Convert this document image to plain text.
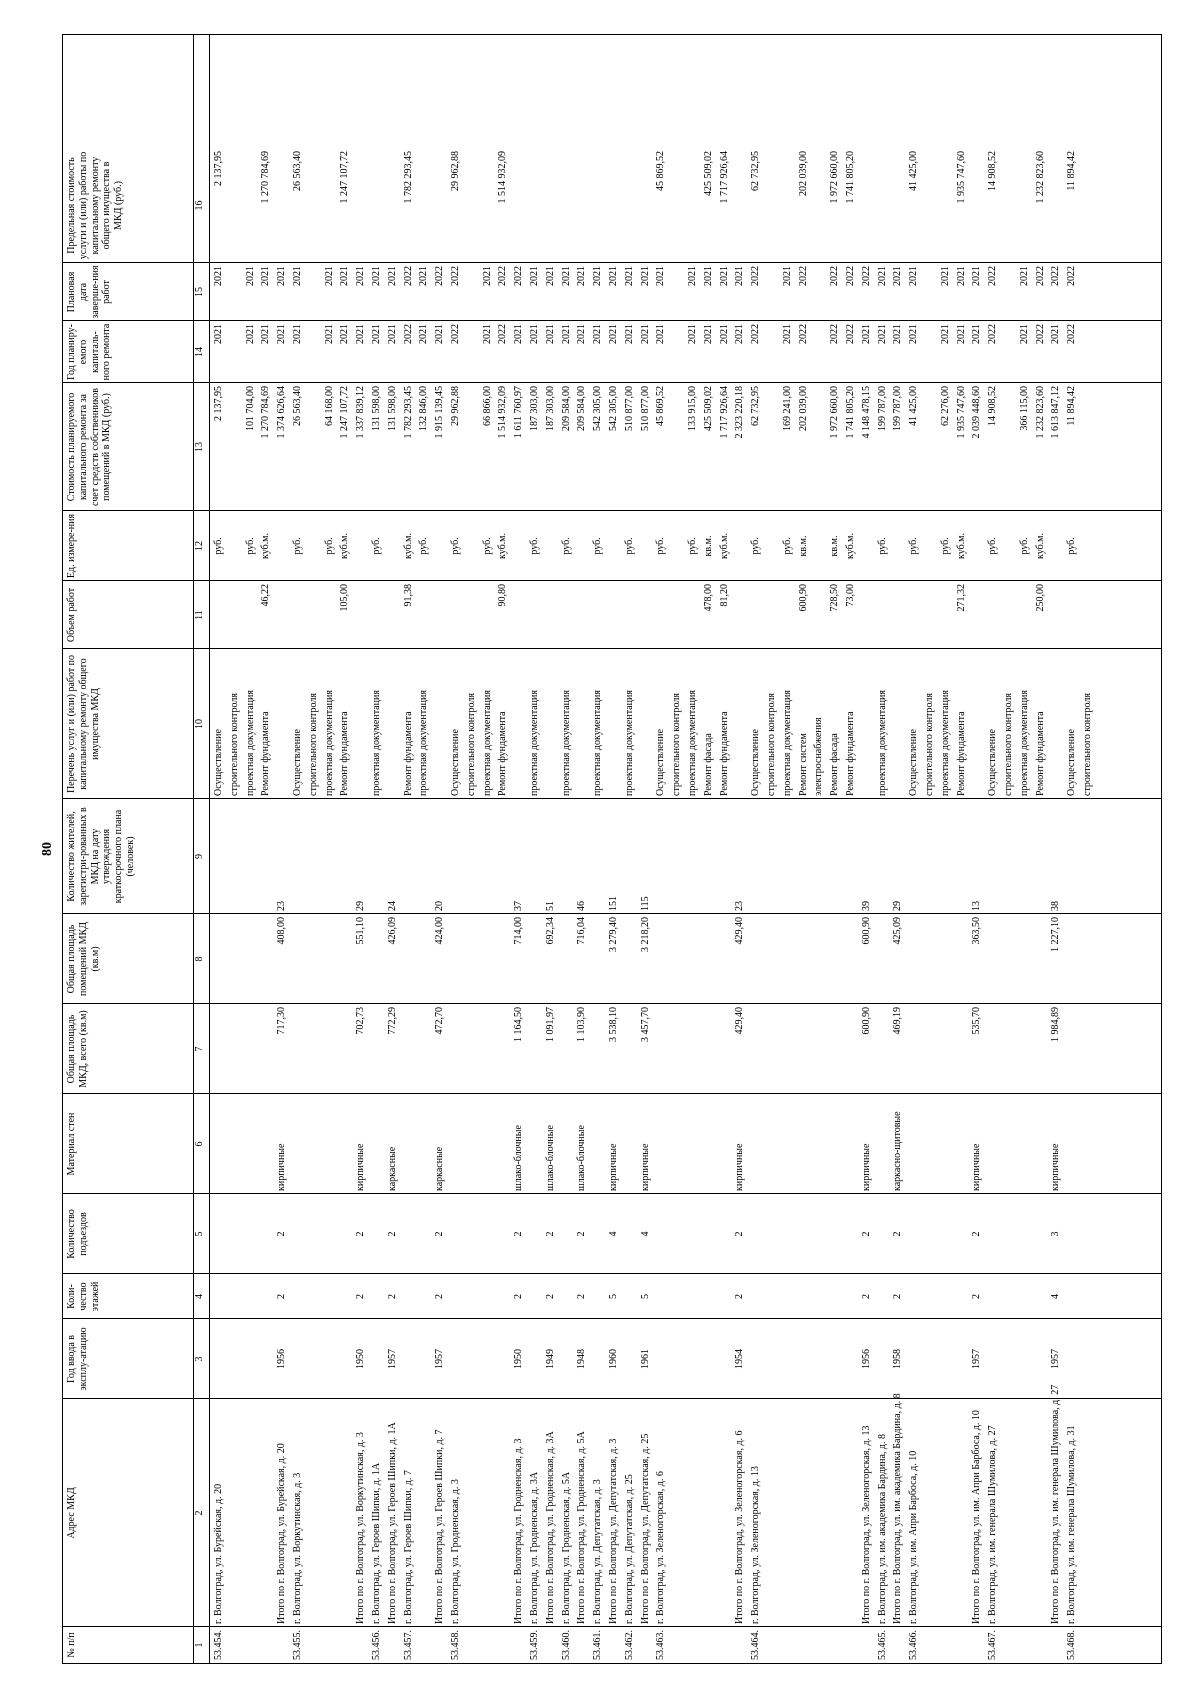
80
№ п/п
Адрес МКД
Год ввода в эксплу-атацию
Коли-чество этажей
Количество подъездов
Материал стен
Общая площадь МКД, всего (кв.м)
Общая площадь помещений МКД (кв.м)
Количество жителей, зарегистри-рованных в МКД на дату утверждения краткосрочного плана (человек)
Перечень услуг и (или) работ по капитальному ремонту общего имущества МКД
Объем работ
Ед. измере-ния
Стоимость планируемого капитального ремонта за счет средств собственников помещений в МКД (руб.)
Год планиру-емого капиталь-ного ремонта
Плановая дата заверше-ния работ
Предельная стоимость услуги и (или) работы по капитальному ремонту общего имущества в МКД (руб.)
1
2
3
4
5
6
7
8
9
10
11
12
13
14
15
16
53.454.
г. Волгоград, ул. Бурейская, д. 20
Осуществление
руб.
2 137,95
2021
2021
2 137,95
строительного контроля проектная документация
руб.
101 704,00
2021
2021
Ремонт фундамента
46,22
куб.м.
1 270 784,69
2021
2021
1 270 784,69
Итого по г. Волгоград, ул. Бурейская, д. 20
1956
2
2
кирпичные
717,30
408,00
23
1 374 626,64
2021
2021
53.455.
г. Волгоград, ул. Воркутинская, д. 3
Осуществление
руб.
26 563,40
2021
2021
26 563,40
строительного контроля проектная документация
руб.
64 168,00
2021
2021
Ремонт фундамента
105,00
куб.м.
1 247 107,72
2021
2021
1 247 107,72
Итого по г. Волгоград, ул. Воркутинская, д. 3
1950
2
2
кирпичные
702,73
551,10
29
1 337 839,12
2021
2021
53.456.
г. Волгоград, ул. Героев Шипки, д. 1А
проектная документация
руб.
131 598,00
2021
2021
Итого по г. Волгоград, ул. Героев Шипки, д. 1А
1957
2
2
каркасные
772,29
426,09
24
131 598,00
2021
2021
53.457.
г. Волгоград, ул. Героев Шипки, д. 7
Ремонт фундамента
91,38
куб.м.
1 782 293,45
2022
2022
1 782 293,45
проектная документация
руб.
132 846,00
2021
2021
Итого по г. Волгоград, ул. Героев Шипки, д. 7
1957
2
2
каркасные
472,70
424,00
20
1 915 139,45
2021
2022
53.458.
г. Волгоград, ул. Гродненская, д. 3
Осуществление
руб.
29 962,88
2022
2022
29 962,88
строительного контроля проектная документация
руб.
66 866,00
2021
2021
Ремонт фундамента
90,80
куб.м.
1 514 932,09
2022
2022
1 514 932,09
Итого по г. Волгоград, ул. Гродненская, д. 3
1950
2
2
шлако-блочные
1 164,50
714,00
37
1 611 760,97
2021
2022
53.459.
г. Волгоград, ул. Гродненская, д. 3А
проектная документация
руб.
187 303,00
2021
2021
Итого по г. Волгоград, ул. Гродненская, д. 3А
1949
2
2
шлако-блочные
1 091,97
692,34
51
187 303,00
2021
2021
53.460.
г. Волгоград, ул. Гродненская, д. 5А
проектная документация
руб.
209 584,00
2021
2021
Итого по г. Волгоград, ул. Гродненская, д. 5А
1948
2
2
шлако-блочные
1 103,90
716,04
46
209 584,00
2021
2021
53.461.
г. Волгоград, ул. Депутатская, д. 3
проектная документация
руб.
542 305,00
2021
2021
Итого по г. Волгоград, ул. Депутатская, д. 3
1960
5
4
кирпичные
3 538,10
3 279,40
151
542 305,00
2021
2021
53.462.
г. Волгоград, ул. Депутатская, д. 25
проектная документация
руб.
510 877,00
2021
2021
Итого по г. Волгоград, ул. Депутатская, д. 25
1961
5
4
кирпичные
3 457,70
3 218,20
115
510 877,00
2021
2021
53.463.
г. Волгоград, ул. Зеленогорская, д. 6
Осуществление
руб.
45 869,52
2021
2021
45 869,52
строительного контроля проектная документация
руб.
133 915,00
2021
2021
Ремонт фасада
478,00
кв.м.
425 509,02
2021
2021
425 509,02
Ремонт фундамента
81,20
куб.м.
1 717 926,64
2021
2021
1 717 926,64
Итого по г. Волгоград, ул. Зеленогорская, д. 6
1954
2
2
кирпичные
429,40
429,40
23
2 323 220,18
2021
2021
53.464.
г. Волгоград, ул. Зеленогорская, д. 13
Осуществление
руб.
62 732,95
2022
2022
62 732,95
строительного контроля проектная документация
руб.
169 241,00
2021
2021
Ремонт систем
600,90
кв.м.
202 039,00
2022
2022
202 039,00
электроснабжения Ремонт фасада
728,50
кв.м.
1 972 660,00
2022
2022
1 972 660,00
Ремонт фундамента
73,00
куб.м.
1 741 805,20
2022
2022
1 741 805,20
Итого по г. Волгоград, ул. Зеленогорская, д. 13
1956
2
2
кирпичные
600,90
600,90
39
4 148 478,15
2021
2022
53.465.
г. Волгоград, ул. им. академика Бардина, д. 8
проектная документация
руб.
199 787,00
2021
2021
Итого по г. Волгоград, ул. им. академика Бардина, д. 8
1958
2
2
каркасно-щитовые
469,19
425,09
29
199 787,00
2021
2021
53.466.
г. Волгоград, ул. им. Апри Барбоса, д. 10
Осуществление
руб.
41 425,00
2021
2021
41 425,00
строительного контроля проектная документация
руб.
62 276,00
2021
2021
Ремонт фундамента
271,32
куб.м.
1 935 747,60
2021
2021
1 935 747,60
Итого по г. Волгоград, ул. им. Апри Барбоса, д. 10
1957
2
2
кирпичные
535,70
363,50
13
2 039 448,60
2021
2021
53.467.
г. Волгоград, ул. им. генерала Шумилова, д. 27
Осуществление
руб.
14 908,52
2022
2022
14 908,52
строительного контроля проектная документация
руб.
366 115,00
2021
2021
Ремонт фундамента
250,00
куб.м.
1 232 823,60
2022
2022
1 232 823,60
Итого по г. Волгоград, ул. им. генерала Шумилова, д. 27
1957
4
3
кирпичные
1 984,89
1 227,10
38
1 613 847,12
2021
2022
53.468.
г. Волгоград, ул. им. генерала Шумилова, д. 31
Осуществление
руб.
11 894,42
2022
2022
11 894,42
строительного контроля
